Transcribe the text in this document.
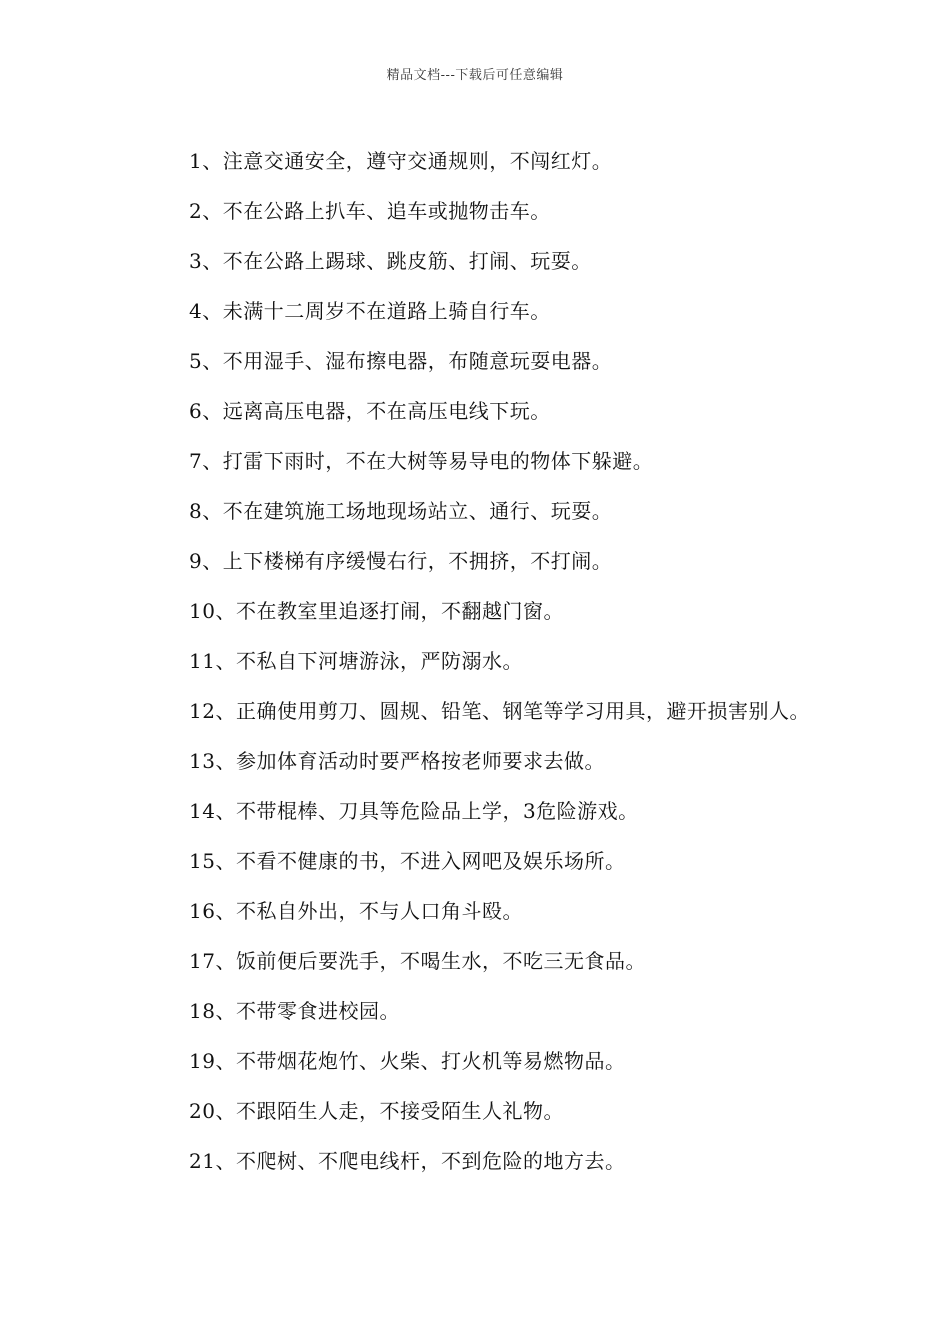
精品文档---下载后可任意编辑
1、注意交通安全，遵守交通规则，不闯红灯。
2、不在公路上扒车、追车或抛物击车。
3、不在公路上踢球、跳皮筋、打闹、玩耍。
4、未满十二周岁不在道路上骑自行车。
5、不用湿手、湿布擦电器，布随意玩耍电器。
6、远离高压电器，不在高压电线下玩。
7、打雷下雨时，不在大树等易导电的物体下躲避。
8、不在建筑施工场地现场站立、通行、玩耍。
9、上下楼梯有序缓慢右行，不拥挤，不打闹。
10、不在教室里追逐打闹，不翻越门窗。
11、不私自下河塘游泳，严防溺水。
12、正确使用剪刀、圆规、铅笔、钢笔等学习用具，避开损害别人。
13、参加体育活动时要严格按老师要求去做。
14、不带棍棒、刀具等危险品上学，3危险游戏。
15、不看不健康的书，不进入网吧及娱乐场所。
16、不私自外出，不与人口角斗殴。
17、饭前便后要洗手，不喝生水，不吃三无食品。
18、不带零食进校园。
19、不带烟花炮竹、火柴、打火机等易燃物品。
20、不跟陌生人走，不接受陌生人礼物。
21、不爬树、不爬电线杆，不到危险的地方去。
